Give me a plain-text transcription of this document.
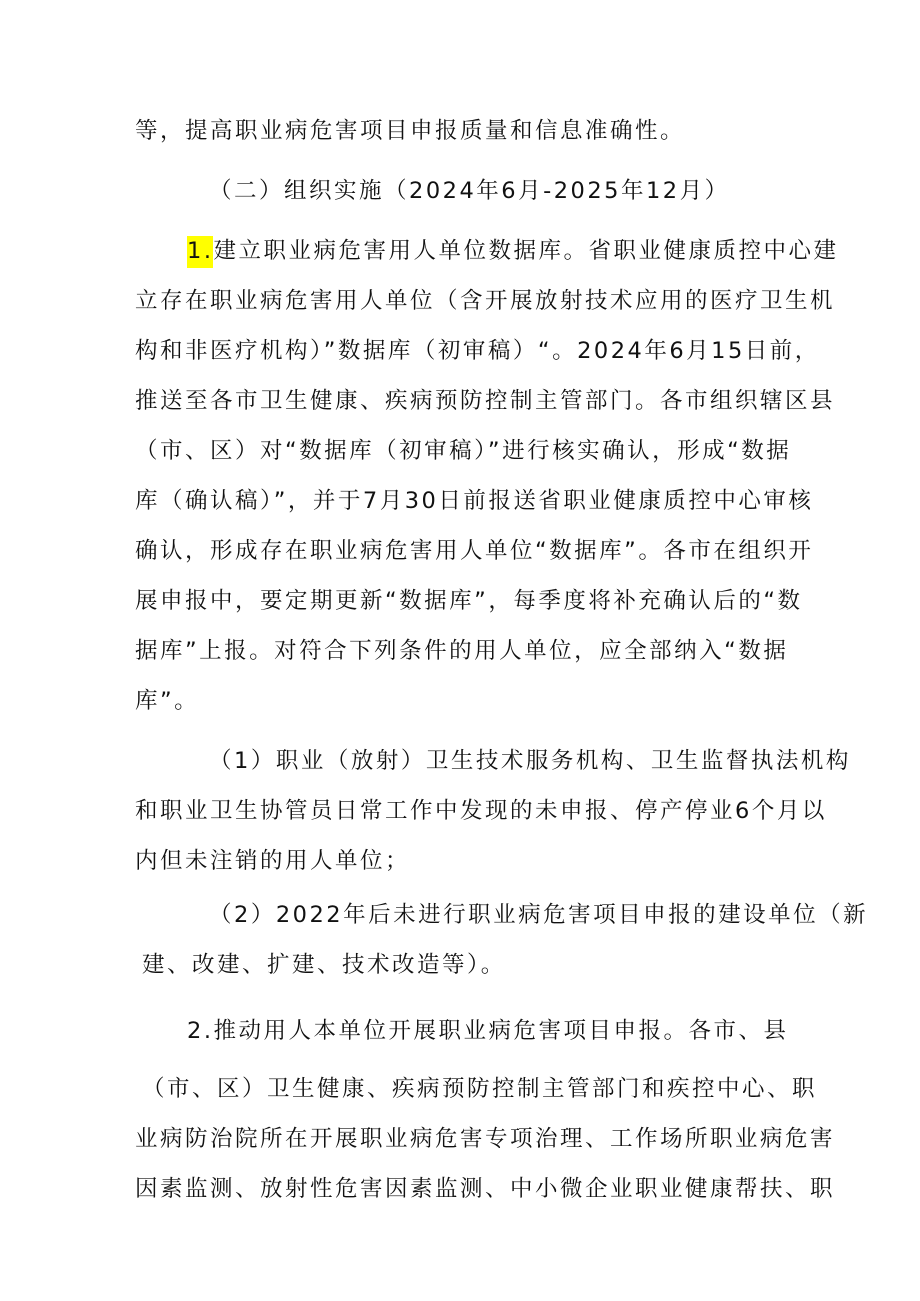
等，提高职业病危害项目申报质量和信息准确性。

（二）组织实施（2024年6月-2025年12月）

1.建立职业病危害用人单位数据库。省职业健康质控中心建

立存在职业病危害用人单位（含开展放射技术应用的医疗卫生机

构和非医疗机构）”数据库（初审稿）“。2024年6月15日前，

推送至各市卫生健康、疾病预防控制主管部门。各市组织辖区县

（市、区）对“数据库（初审稿）”进行核实确认，形成“数据

库（确认稿）”，并于7月30日前报送省职业健康质控中心审核

确认，形成存在职业病危害用人单位“数据库”。各市在组织开

展申报中，要定期更新“数据库”，每季度将补充确认后的“数

据库”上报。对符合下列条件的用人单位，应全部纳入“数据

库”。

（1）职业（放射）卫生技术服务机构、卫生监督执法机构

和职业卫生协管员日常工作中发现的未申报、停产停业6个月以

内但未注销的用人单位；

（2）2022年后未进行职业病危害项目申报的建设单位（新

建、改建、扩建、技术改造等）。

2.推动用人本单位开展职业病危害项目申报。各市、县

（市、区）卫生健康、疾病预防控制主管部门和疾控中心、职

业病防治院所在开展职业病危害专项治理、工作场所职业病危害

因素监测、放射性危害因素监测、中小微企业职业健康帮扶、职
